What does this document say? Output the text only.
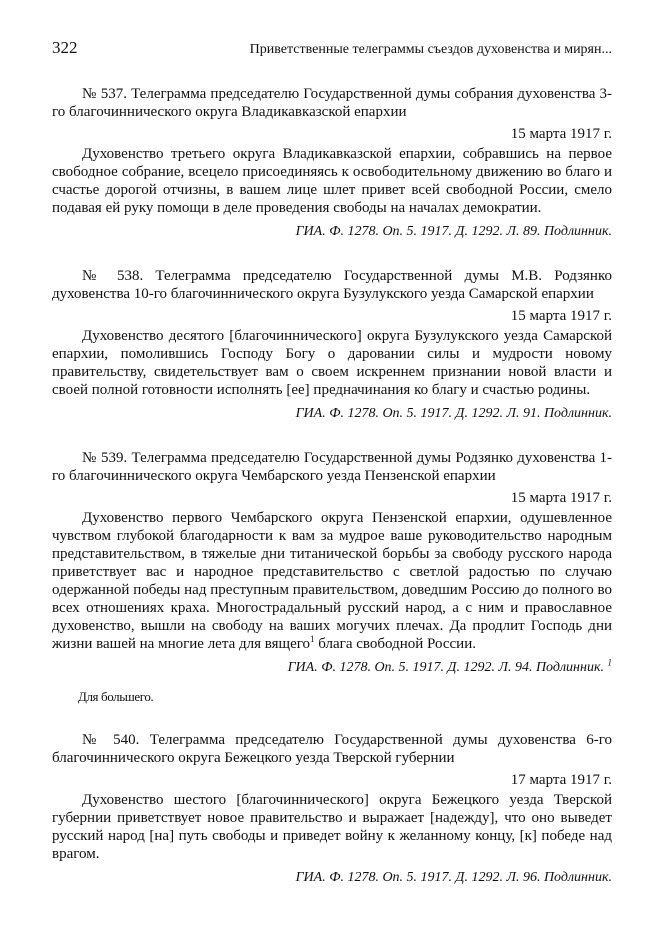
322	Приветственные телеграммы съездов духовенства и мирян...

№ 537. Телеграмма председателю Государственной думы собрания духовенства 3-го благочиннического округа Владикавказской епархии

15 марта 1917 г.

Духовенство третьего округа Владикавказской епархии, собравшись на первое свободное собрание, всецело присоединяясь к освободительному движению во благо и счастье дорогой отчизны, в вашем лице шлет привет всей свободной России, смело подавая ей руку помощи в деле проведения свободы на началах демократии.

ГИА. Ф. 1278. Оп. 5. 1917. Д. 1292. Л. 89. Подлинник.

№ 538. Телеграмма председателю Государственной думы М.В. Родзянко духовенства 10-го благочиннического округа Бузулукского уезда Самарской епархии

15 марта 1917 г.

Духовенство десятого [благочиннического] округа Бузулукского уезда Самарской епархии, помолившись Господу Богу о даровании силы и мудрости новому правительству, свидетельствует вам о своем искреннем признании новой власти и своей полной готовности исполнять [ее] предначинания ко благу и счастью родины.

ГИА. Ф. 1278. Оп. 5. 1917. Д. 1292. Л. 91. Подлинник.

№ 539. Телеграмма председателю Государственной думы Родзянко духовенства 1-го благочиннического округа Чембарского уезда Пензенской епархии

15 марта 1917 г.

Духовенство первого Чембарского округа Пензенской епархии, одушевленное чувством глубокой благодарности к вам за мудрое ваше руководительство народным представительством, в тяжелые дни титанической борьбы за свободу русского народа приветствует вас и народное представительство с светлой радостью по случаю одержанной победы над преступным правительством, доведшим Россию до полного во всех отношениях краха. Многострадальный русский народ, а с ним и православное духовенство, вышли на свободу на ваших могучих плечах. Да продлит Господь дни жизни вашей на многие лета для вящего$^1$ блага свободной России.

ГИА. Ф. 1278. Оп. 5. 1917. Д. 1292. Л. 94. Подлинник. $^1$

Для большего.

№ 540. Телеграмма председателю Государственной думы духовенства 6-го благочиннического округа Бежецкого уезда Тверской губернии

17 марта 1917 г.

Духовенство шестого [благочиннического] округа Бежецкого уезда Тверской губернии приветствует новое правительство и выражает [надежду], что оно выведет русский народ [на] путь свободы и приведет войну к желанному концу, [к] победе над врагом.

ГИА. Ф. 1278. Оп. 5. 1917. Д. 1292. Л. 96. Подлинник.
